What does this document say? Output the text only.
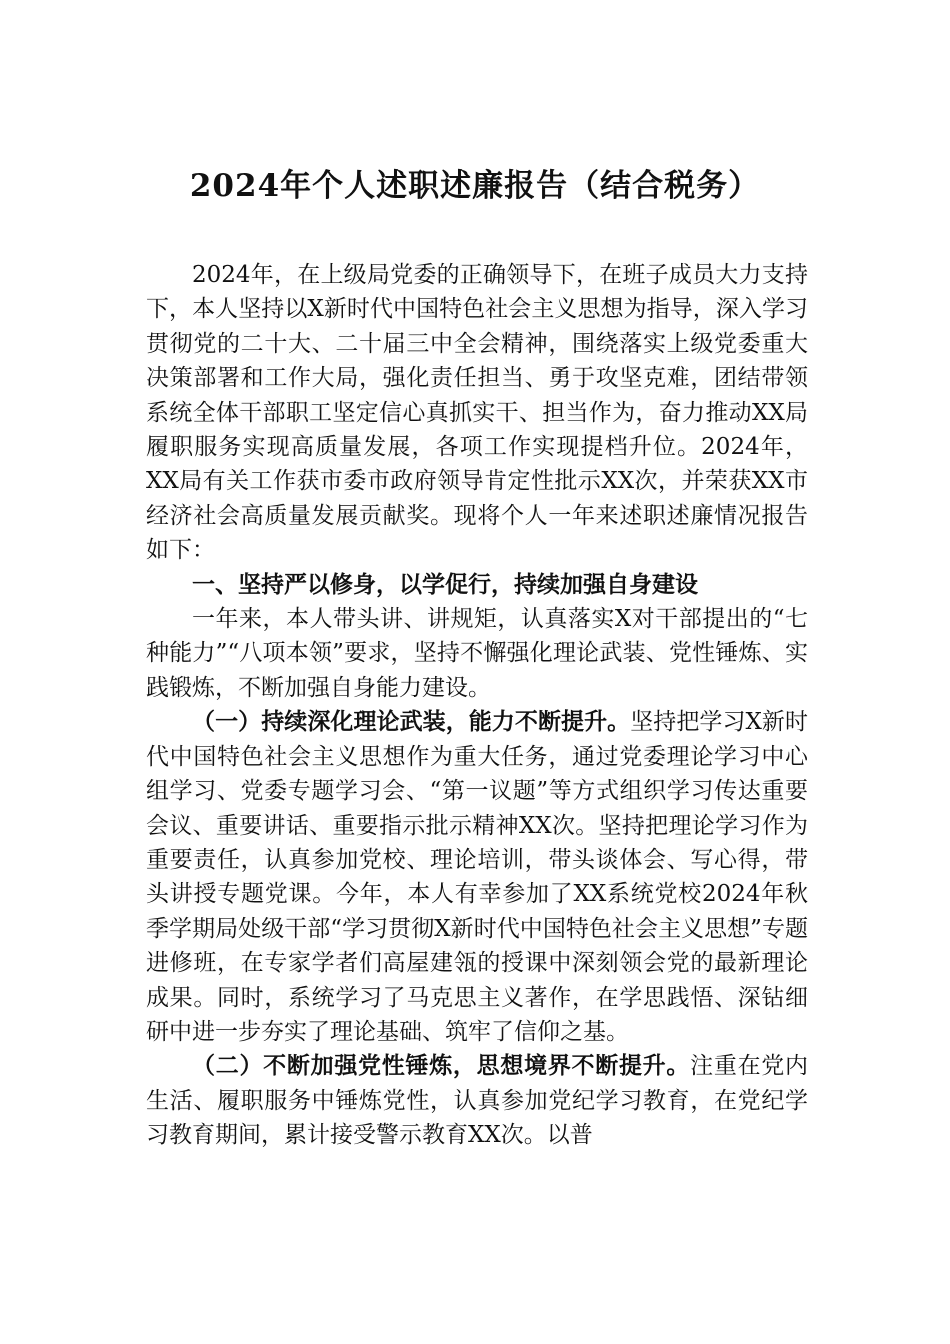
2024年个人述职述廉报告（结合税务）

2024年，在上级局党委的正确领导下，在班子成员大力支持下，本人坚持以X新时代中国特色社会主义思想为指导，深入学习贯彻党的二十大、二十届三中全会精神，围绕落实上级党委重大决策部署和工作大局，强化责任担当、勇于攻坚克难，团结带领系统全体干部职工坚定信心真抓实干、担当作为，奋力推动XX局履职服务实现高质量发展，各项工作实现提档升位。2024年，XX局有关工作获市委市政府领导肯定性批示XX次，并荣获XX市经济社会高质量发展贡献奖。现将个人一年来述职述廉情况报告如下：

一、坚持严以修身，以学促行，持续加强自身建设

一年来，本人带头讲、讲规矩，认真落实X对干部提出的“七种能力”“八项本领”要求，坚持不懈强化理论武装、党性锤炼、实践锻炼，不断加强自身能力建设。

（一）持续深化理论武装，能力不断提升。坚持把学习X新时代中国特色社会主义思想作为重大任务，通过党委理论学习中心组学习、党委专题学习会、“第一议题”等方式组织学习传达重要会议、重要讲话、重要指示批示精神XX次。坚持把理论学习作为重要责任，认真参加党校、理论培训，带头谈体会、写心得，带头讲授专题党课。今年，本人有幸参加了XX系统党校2024年秋季学期局处级干部“学习贯彻X新时代中国特色社会主义思想”专题进修班，在专家学者们高屋建瓴的授课中深刻领会党的最新理论成果。同时，系统学习了马克思主义著作，在学思践悟、深钻细研中进一步夯实了理论基础、筑牢了信仰之基。

（二）不断加强党性锤炼，思想境界不断提升。注重在党内生活、履职服务中锤炼党性，认真参加党纪学习教育，在党纪学习教育期间，累计接受警示教育XX次。以普
